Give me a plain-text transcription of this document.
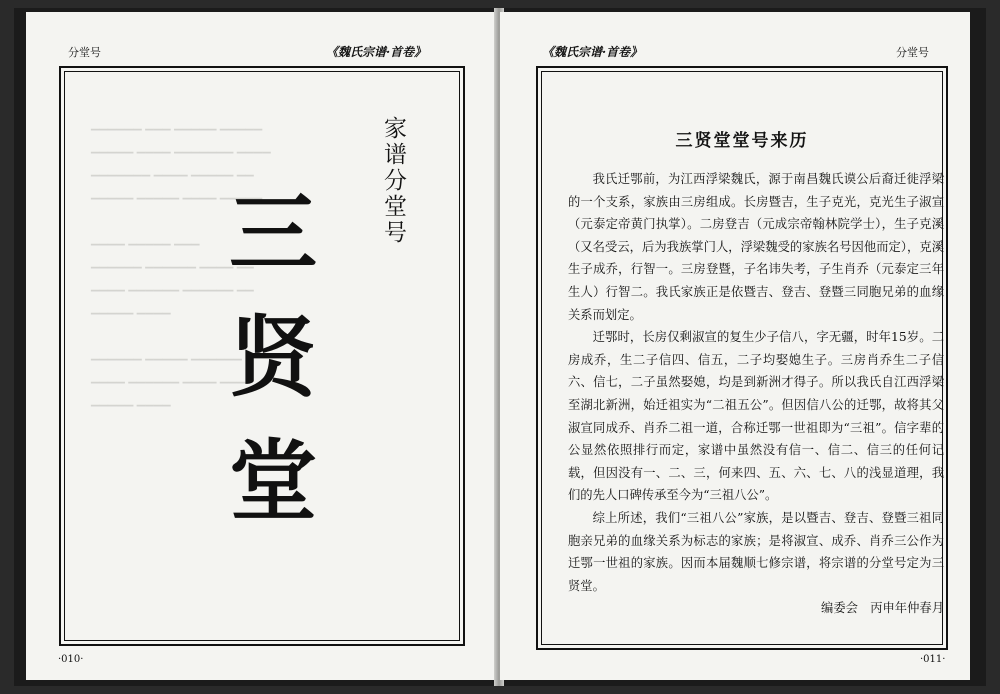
分堂号	《魏氏宗谱·首卷》
▔▔▔▔▔▔ ▔▔▔ ▔▔▔▔▔ ▔▔▔▔▔
▔▔▔▔▔ ▔▔▔▔ ▔▔▔▔▔▔▔ ▔▔▔▔
▔▔▔▔▔▔▔ ▔▔▔▔ ▔▔▔▔▔ ▔▔
▔▔▔▔▔ ▔▔▔▔▔ ▔▔▔▔ ▔▔▔▔▔

▔▔▔▔ ▔▔▔▔▔ ▔▔▔
▔▔▔▔▔▔ ▔▔▔▔▔▔ ▔▔▔▔ ▔▔
▔▔▔▔ ▔▔▔▔▔▔ ▔▔▔▔▔▔ ▔▔
▔▔▔▔▔ ▔▔▔▔

▔▔▔▔▔▔ ▔▔▔▔▔ ▔▔▔▔▔▔
▔▔▔▔ ▔▔▔▔▔▔ ▔▔▔▔ ▔▔▔
▔▔▔▔▔ ▔▔▔▔
家谱分堂号
三
贤
堂
·010·
《魏氏宗谱·首卷》	分堂号
三贤堂堂号来历

我氏迁鄂前，为江西浮梁魏氏，源于南昌魏氏谟公后裔迁徙浮梁的一个支系，家族由三房组成。长房暨吉，生子克光，克光生子淑宣（元泰定帝黄门执掌）。二房登吉（元成宗帝翰林院学士），生子克溪（又名受云，后为我族掌门人，浮梁魏受的家族名号因他而定），克溪生子成乔，行智一。三房登暨，子名讳失考，子生肖乔（元泰定三年生人）行智二。我氏家族正是依暨吉、登吉、登暨三同胞兄弟的血缘关系而划定。

迁鄂时，长房仅剩淑宣的复生少子信八，字无疆，时年15岁。二房成乔，生二子信四、信五，二子均娶媳生子。三房肖乔生二子信六、信七，二子虽然娶媳，均是到新洲才得子。所以我氏自江西浮梁至湖北新洲，始迁祖实为“二祖五公”。但因信八公的迁鄂，故将其父淑宣同成乔、肖乔二祖一道，合称迁鄂一世祖即为“三祖”。信字辈的公显然依照排行而定，家谱中虽然没有信一、信二、信三的任何记载，但因没有一、二、三，何来四、五、六、七、八的浅显道理，我们的先人口碑传承至今为“三祖八公”。

综上所述，我们“三祖八公”家族，是以暨吉、登吉、登暨三祖同胞亲兄弟的血缘关系为标志的家族；是将淑宣、成乔、肖乔三公作为迁鄂一世祖的家族。因而本届魏顺七修宗谱，将宗谱的分堂号定为三贤堂。

编委会　丙申年仲春月
·011·
